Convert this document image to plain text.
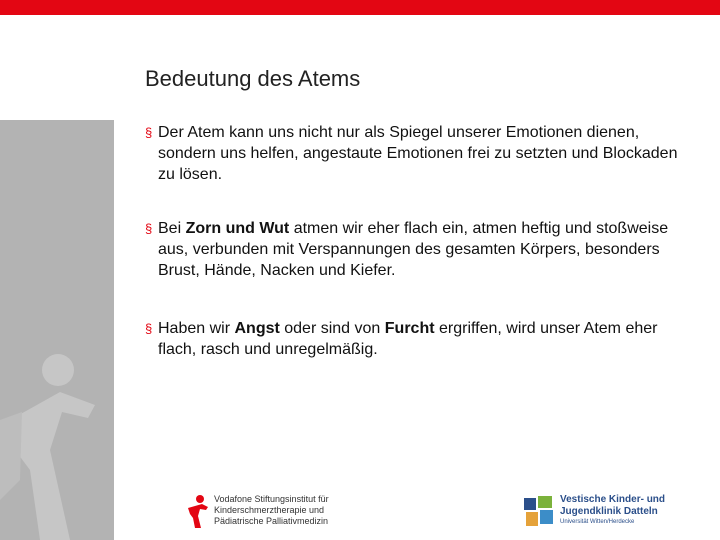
Bedeutung des Atems
§ Der Atem kann uns nicht nur als Spiegel unserer Emotionen dienen, sondern uns helfen, angestaute Emotionen frei zu setzten und Blockaden zu lösen.
§ Bei Zorn und Wut atmen wir eher flach ein, atmen heftig und stoßweise aus, verbunden mit Verspannungen des gesamten Körpers, besonders Brust, Hände, Nacken und Kiefer.
§ Haben wir Angst oder sind von Furcht ergriffen, wird unser Atem eher flach, rasch und unregelmäßig.
Vodafone Stiftungsinstitut für
Kinderschmerztherapie und
Pädiatrische Palliativmedizin
Vestische Kinder- und
Jugendklinik Datteln
Universität Witten/Herdecke
